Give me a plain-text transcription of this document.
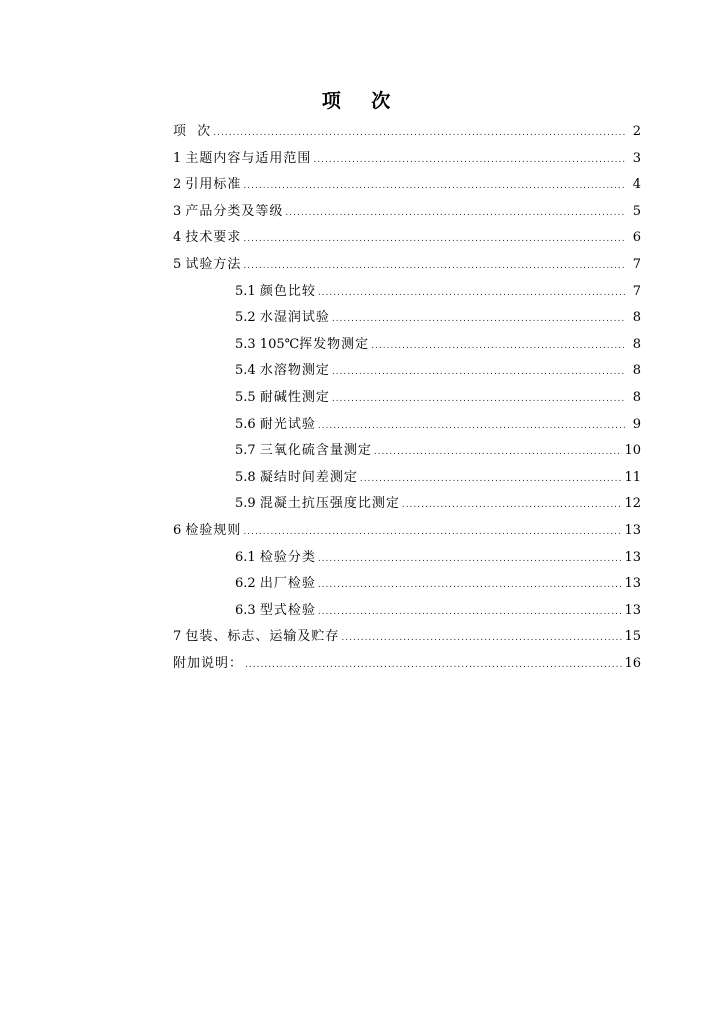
项 次
项  次 .....	2
1 主题内容与适用范围 .....	3
2 引用标准 .....	4
3 产品分类及等级 .....	5
4 技术要求 .....	6
5 试验方法 .....	7
5.1 颜色比较 .....	7
5.2 水湿润试验 .....	8
5.3 105℃ 挥发物测定 .....	8
5.4 水溶物测定 .....	8
5.5 耐碱性测定 .....	8
5.6 耐光试验 .....	9
5.7 三氧化硫含量测定 .....	10
5.8 凝结时间差测定 .....	11
5.9 混凝土抗压强度比测定 .....	12
6 检验规则 .....	13
6.1 检验分类 .....	13
6.2 出厂检验 .....	13
6.3 型式检验 .....	13
7 包装、标志、运输及贮存 .....	15
附加说明： .....	16
